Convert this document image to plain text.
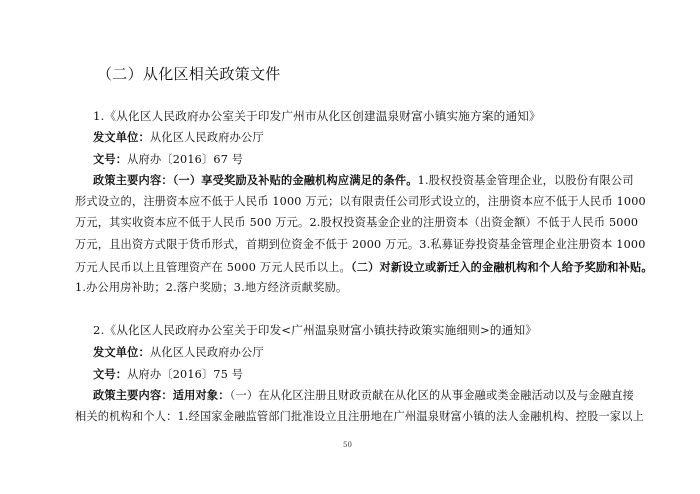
（二）从化区相关政策文件
1.《从化区人民政府办公室关于印发广州市从化区创建温泉财富小镇实施方案的通知》
发文单位：从化区人民政府办公厅
文号：从府办〔2016〕67 号
政策主要内容：（一）享受奖励及补贴的金融机构应满足的条件。1.股权投资基金管理企业，以股份有限公司
形式设立的，注册资本应不低于人民币 1000 万元；以有限责任公司形式设立的，注册资本应不低于人民币 1000
万元，其实收资本应不低于人民币 500 万元。2.股权投资基金企业的注册资本（出资金额）不低于人民币 5000
万元，且出资方式限于货币形式，首期到位资金不低于 2000 万元。3.私募证券投资基金管理企业注册资本 1000
万元人民币以上且管理资产在 5000 万元人民币以上。（二）对新设立或新迁入的金融机构和个人给予奖励和补贴。
1.办公用房补助；2.落户奖励；3.地方经济贡献奖励。
2.《从化区人民政府办公室关于印发<广州温泉财富小镇扶持政策实施细则>的通知》
发文单位：从化区人民政府办公厅
文号：从府办〔2016〕75 号
政策主要内容：适用对象：（一）在从化区注册且财政贡献在从化区的从事金融或类金融活动以及与金融直接
相关的机构和个人：1.经国家金融监管部门批准设立且注册地在广州温泉财富小镇的法人金融机构、控股一家以上
50
